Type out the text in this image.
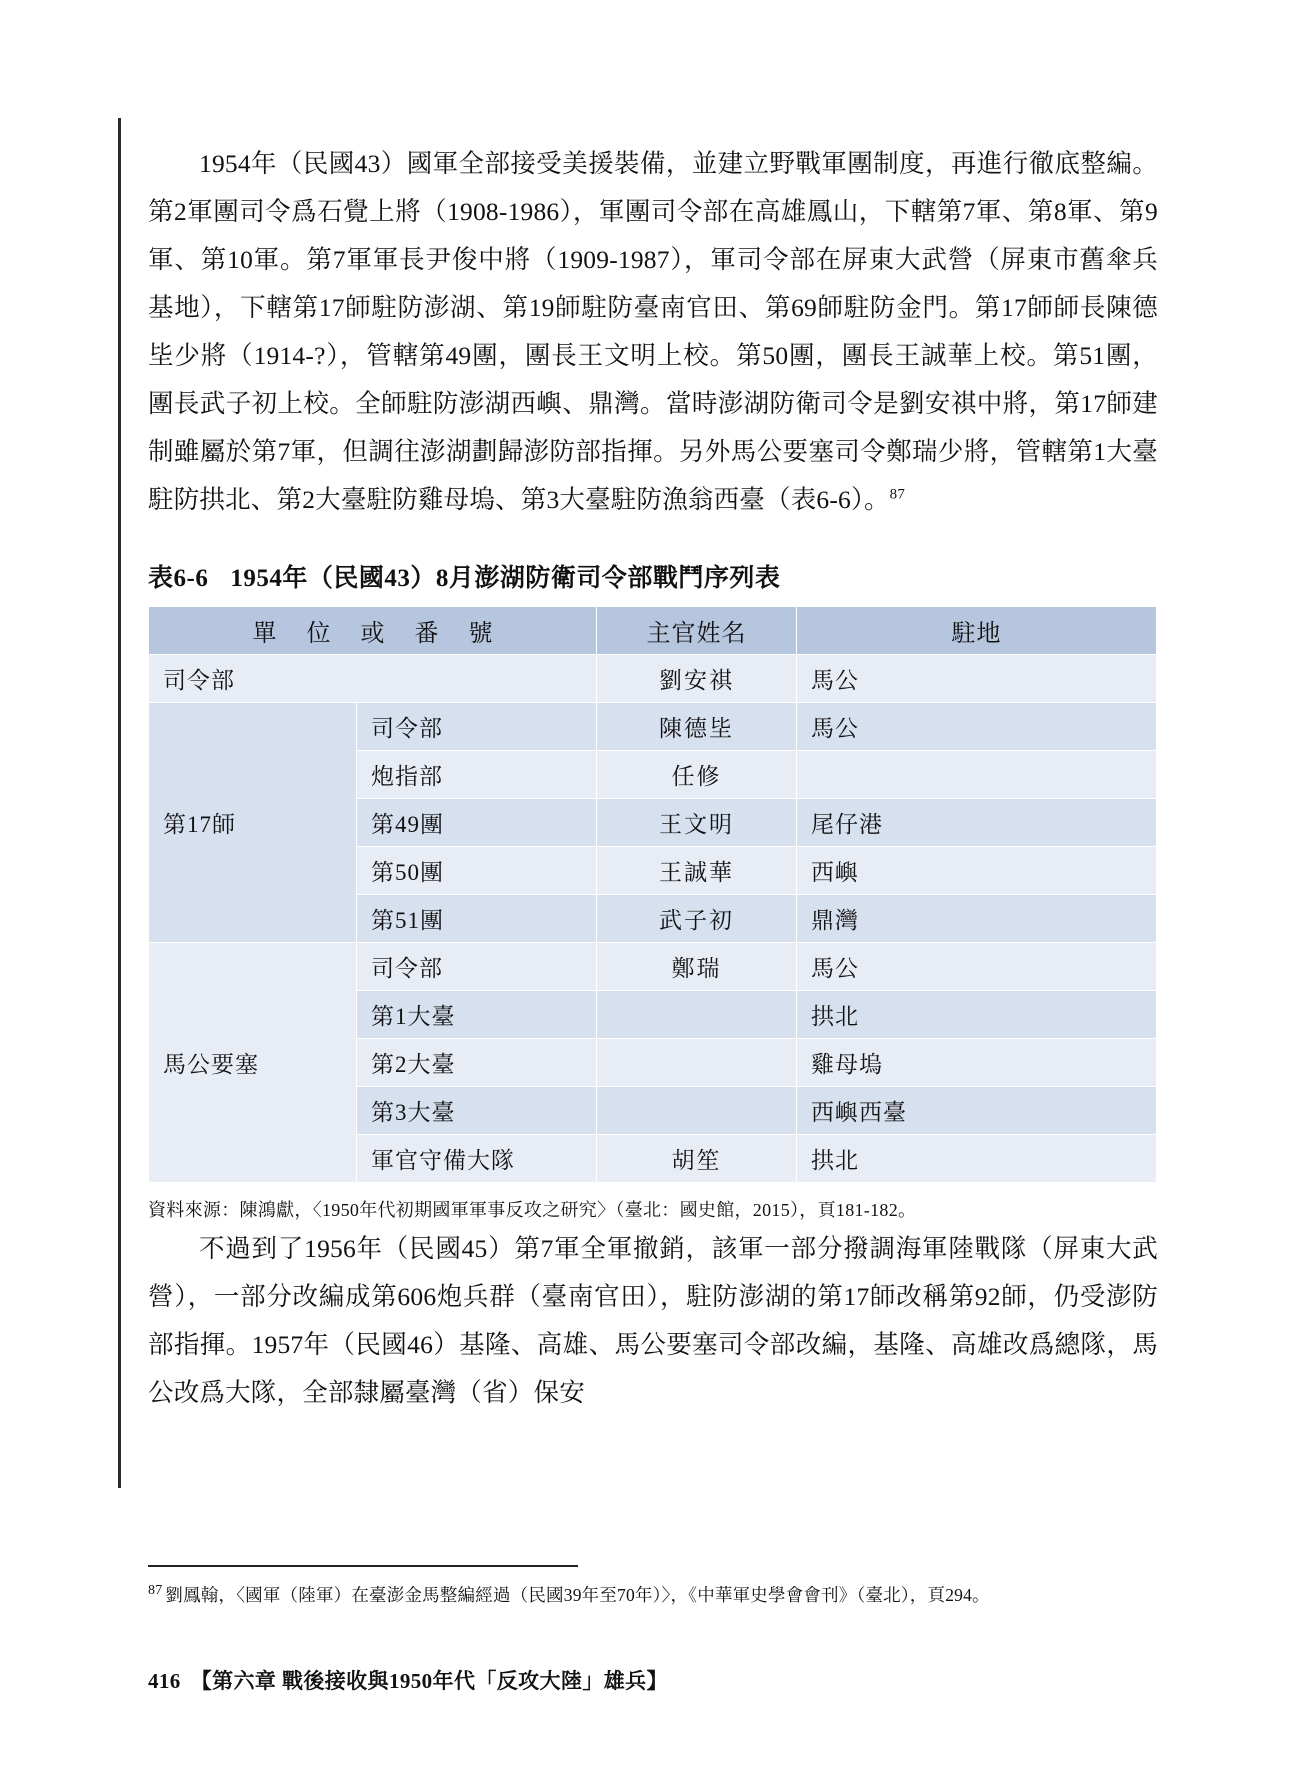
1954年（民國43）國軍全部接受美援裝備，並建立野戰軍團制度，再進行徹底整編。第2軍團司令爲石覺上將（1908-1986），軍團司令部在高雄鳳山，下轄第7軍、第8軍、第9軍、第10軍。第7軍軍長尹俊中將（1909-1987），軍司令部在屏東大武營（屏東市舊傘兵基地），下轄第17師駐防澎湖、第19師駐防臺南官田、第69師駐防金門。第17師師長陳德坒少將（1914-?），管轄第49團，團長王文明上校。第50團，團長王誠華上校。第51團，團長武子初上校。全師駐防澎湖西嶼、鼎灣。當時澎湖防衛司令是劉安祺中將，第17師建制雖屬於第7軍，但調往澎湖劃歸澎防部指揮。另外馬公要塞司令鄭瑞少將，管轄第1大臺駐防拱北、第2大臺駐防雞母塢、第3大臺駐防漁翁西臺（表6-6）。$^{87}$

表6-6 1954年（民國43）8月澎湖防衛司令部戰鬥序列表
單 位 或 番 號		主官姓名	駐地
司令部		劉安祺	馬公
第17師	司令部	陳德坒	馬公
	炮指部	任修	
	第49團	王文明	尾仔港
	第50團	王誠華	西嶼
	第51團	武子初	鼎灣
馬公要塞	司令部	鄭瑞	馬公
	第1大臺		拱北
	第2大臺		雞母塢
	第3大臺		西嶼西臺
	軍官守備大隊	胡笙	拱北
資料來源：陳鴻獻，〈1950年代初期國軍軍事反攻之研究〉（臺北：國史館，2015），頁181-182。

不過到了1956年（民國45）第7軍全軍撤銷，該軍一部分撥調海軍陸戰隊（屏東大武營），一部分改編成第606炮兵群（臺南官田），駐防澎湖的第17師改稱第92師，仍受澎防部指揮。1957年（民國46）基隆、高雄、馬公要塞司令部改編，基隆、高雄改爲總隊，馬公改爲大隊，全部隸屬臺灣（省）保安

$^{87}$ 劉鳳翰，〈國軍（陸軍）在臺澎金馬整編經過（民國39年至70年）〉，《中華軍史學會會刊》（臺北），頁294。
416 【第六章 戰後接收與1950年代「反攻大陸」雄兵】
